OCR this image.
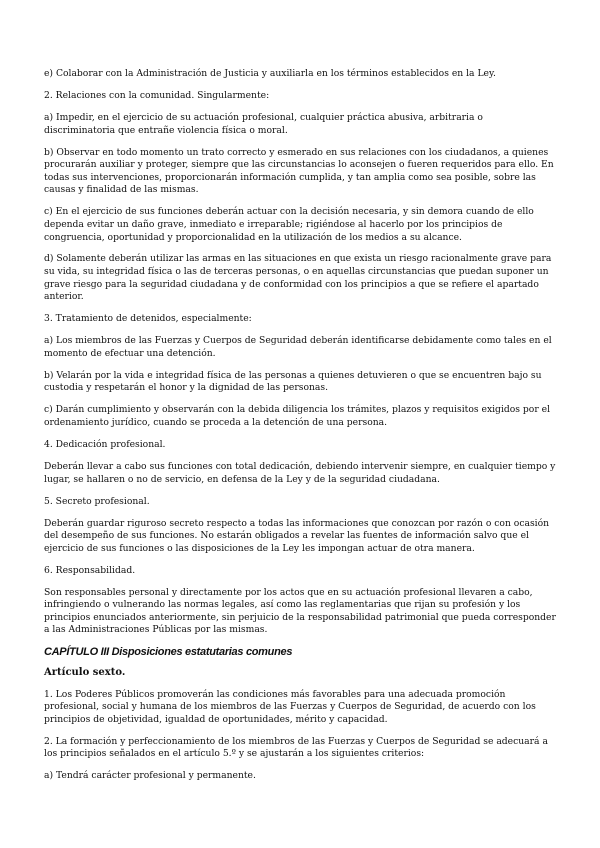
e) Colaborar con la Administración de Justicia y auxiliarla en los términos establecidos en la Ley.

2. Relaciones con la comunidad. Singularmente:

a) Impedir, en el ejercicio de su actuación profesional, cualquier práctica abusiva, arbitraria o discriminatoria que entrañe violencia física o moral.

b) Observar en todo momento un trato correcto y esmerado en sus relaciones con los ciudadanos, a quienes procurarán auxiliar y proteger, siempre que las circunstancias lo aconsejen o fueren requeridos para ello. En todas sus intervenciones, proporcionarán información cumplida, y tan amplia como sea posible, sobre las causas y finalidad de las mismas.

c) En el ejercicio de sus funciones deberán actuar con la decisión necesaria, y sin demora cuando de ello dependa evitar un daño grave, inmediato e irreparable; rigiéndose al hacerlo por los principios de congruencia, oportunidad y proporcionalidad en la utilización de los medios a su alcance.

d) Solamente deberán utilizar las armas en las situaciones en que exista un riesgo racionalmente grave para su vida, su integridad física o las de terceras personas, o en aquellas circunstancias que puedan suponer un grave riesgo para la seguridad ciudadana y de conformidad con los principios a que se refiere el apartado anterior.

3. Tratamiento de detenidos, especialmente:

a) Los miembros de las Fuerzas y Cuerpos de Seguridad deberán identificarse debidamente como tales en el momento de efectuar una detención.

b) Velarán por la vida e integridad física de las personas a quienes detuvieren o que se encuentren bajo su custodia y respetarán el honor y la dignidad de las personas.

c) Darán cumplimiento y observarán con la debida diligencia los trámites, plazos y requisitos exigidos por el ordenamiento jurídico, cuando se proceda a la detención de una persona.

4. Dedicación profesional.

Deberán llevar a cabo sus funciones con total dedicación, debiendo intervenir siempre, en cualquier tiempo y lugar, se hallaren o no de servicio, en defensa de la Ley y de la seguridad ciudadana.

5. Secreto profesional.

Deberán guardar riguroso secreto respecto a todas las informaciones que conozcan por razón o con ocasión del desempeño de sus funciones. No estarán obligados a revelar las fuentes de información salvo que el ejercicio de sus funciones o las disposiciones de la Ley les impongan actuar de otra manera.

6. Responsabilidad.

Son responsables personal y directamente por los actos que en su actuación profesional llevaren a cabo, infringiendo o vulnerando las normas legales, así como las reglamentarias que rijan su profesión y los principios enunciados anteriormente, sin perjuicio de la responsabilidad patrimonial que pueda corresponder a las Administraciones Públicas por las mismas.

CAPÍTULO III Disposiciones estatutarias comunes
Artículo sexto.

1. Los Poderes Públicos promoverán las condiciones más favorables para una adecuada promoción profesional, social y humana de los miembros de las Fuerzas y Cuerpos de Seguridad, de acuerdo con los principios de objetividad, igualdad de oportunidades, mérito y capacidad.

2. La formación y perfeccionamiento de los miembros de las Fuerzas y Cuerpos de Seguridad se adecuará a los principios señalados en el artículo 5.º y se ajustarán a los siguientes criterios:

a) Tendrá carácter profesional y permanente.
